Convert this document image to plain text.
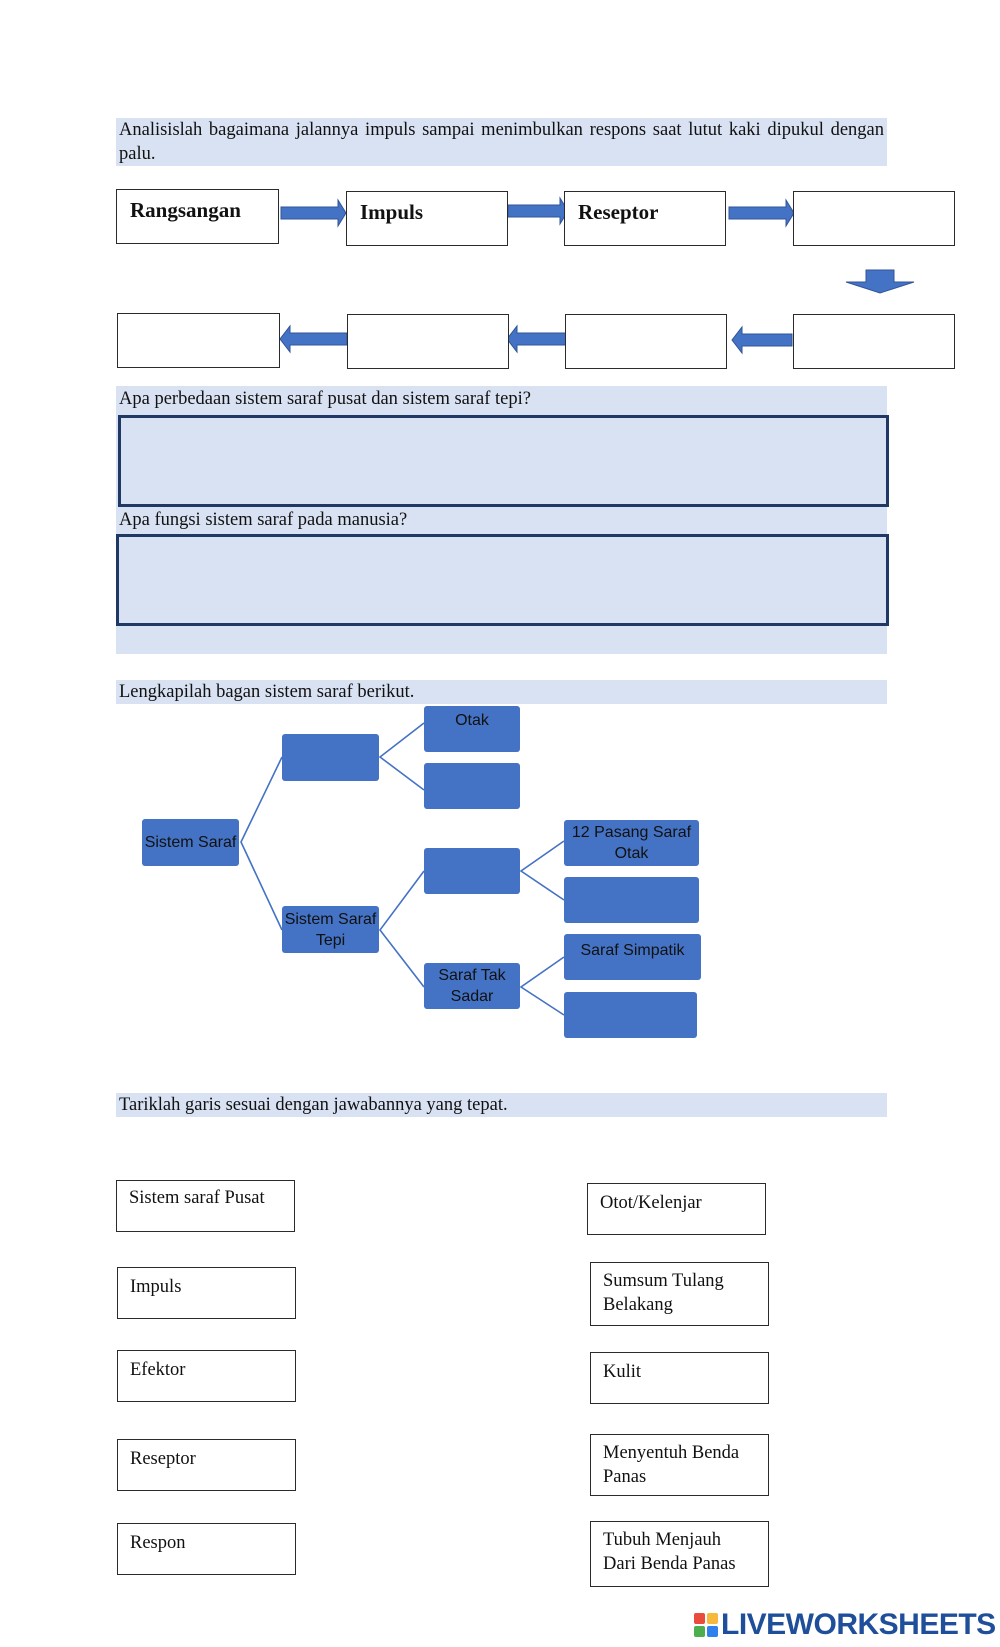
Analisislah bagaimana jalannya impuls sampai menimbulkan respons saat lutut kaki dipukul dengan palu.
Rangsangan	Impuls	Reseptor
Apa perbedaan sistem saraf pusat dan sistem saraf tepi?
Apa fungsi sistem saraf pada manusia?
Lengkapilah bagan sistem saraf berikut.
Sistem Saraf
Otak
Sistem Saraf Tepi
12 Pasang Saraf Otak
Saraf Tak Sadar
Saraf Simpatik
Tariklah garis sesuai dengan jawabannya yang tepat.
Sistem saraf Pusat
Impuls
Efektor
Reseptor
Respon
Otot/Kelenjar
Sumsum Tulang Belakang
Kulit
Menyentuh Benda Panas
Tubuh Menjauh Dari Benda Panas
LIVEWORKSHEETS
